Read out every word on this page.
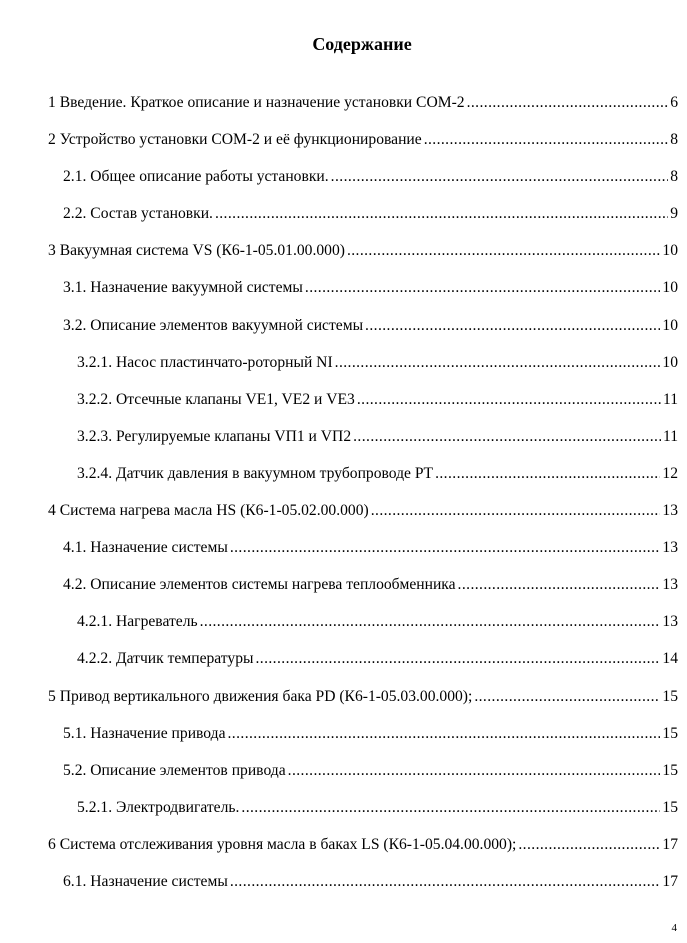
Содержание
1 Введение. Краткое описание и назначение установки СОМ-2 .....	6
2 Устройство установки СОМ-2 и её функционирование .....	8
2.1. Общее описание работы установки. .....	8
2.2. Состав установки. .....	9
3 Вакуумная система VS (К6-1-05.01.00.000) .....	10
3.1. Назначение вакуумной системы .....	10
3.2. Описание элементов вакуумной системы .....	10
3.2.1. Насос пластинчато-роторный NI .....	10
3.2.2. Отсечные клапаны VE1, VE2 и VE3 .....	11
3.2.3. Регулируемые клапаны VП1 и VП2 .....	11
3.2.4. Датчик давления в вакуумном трубопроводе PT .....	12
4 Система нагрева масла HS (К6-1-05.02.00.000) .....	13
4.1. Назначение системы .....	13
4.2. Описание элементов системы нагрева теплообменника .....	13
4.2.1. Нагреватель .....	13
4.2.2. Датчик температуры .....	14
5 Привод вертикального движения бака PD (К6-1-05.03.00.000); .....	15
5.1. Назначение привода .....	15
5.2. Описание элементов привода .....	15
5.2.1. Электродвигатель. .....	15
6 Система отслеживания уровня масла в баках LS (К6-1-05.04.00.000); .....	17
6.1. Назначение системы .....	17
4
